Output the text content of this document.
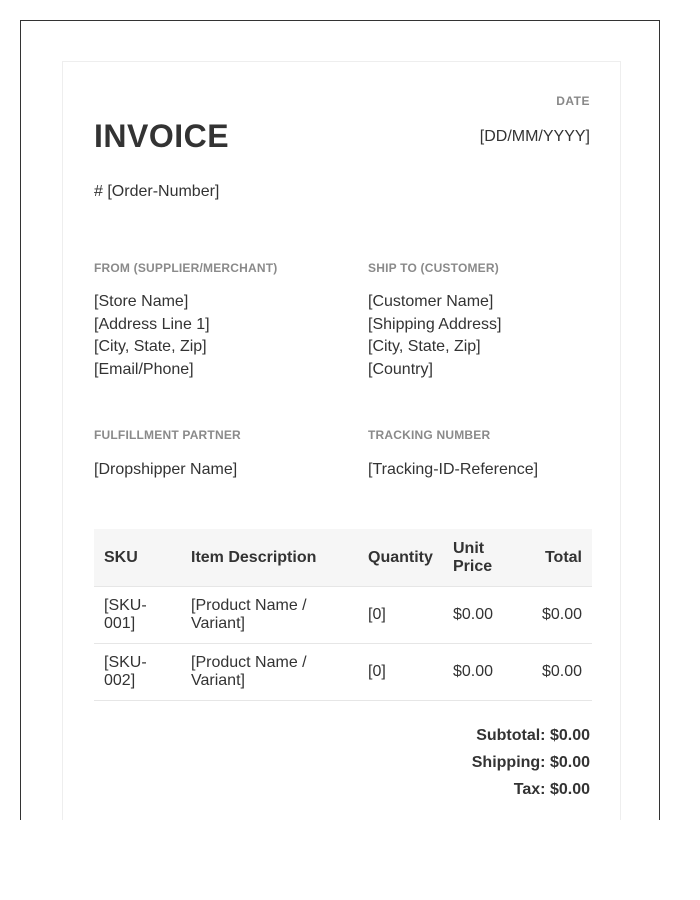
INVOICE
DATE
[DD/MM/YYYY]
# [Order-Number]
FROM (SUPPLIER/MERCHANT)
[Store Name]
[Address Line 1]
[City, State, Zip]
[Email/Phone]
SHIP TO (CUSTOMER)
[Customer Name]
[Shipping Address]
[City, State, Zip]
[Country]
FULFILLMENT PARTNER
[Dropshipper Name]
TRACKING NUMBER
[Tracking-ID-Reference]
SKU	Item Description	Quantity	Unit Price	Total
[SKU-001]	[Product Name / Variant]	[0]	$0.00	$0.00
[SKU-002]	[Product Name / Variant]	[0]	$0.00	$0.00
Subtotal: $0.00
Shipping: $0.00
Tax: $0.00
